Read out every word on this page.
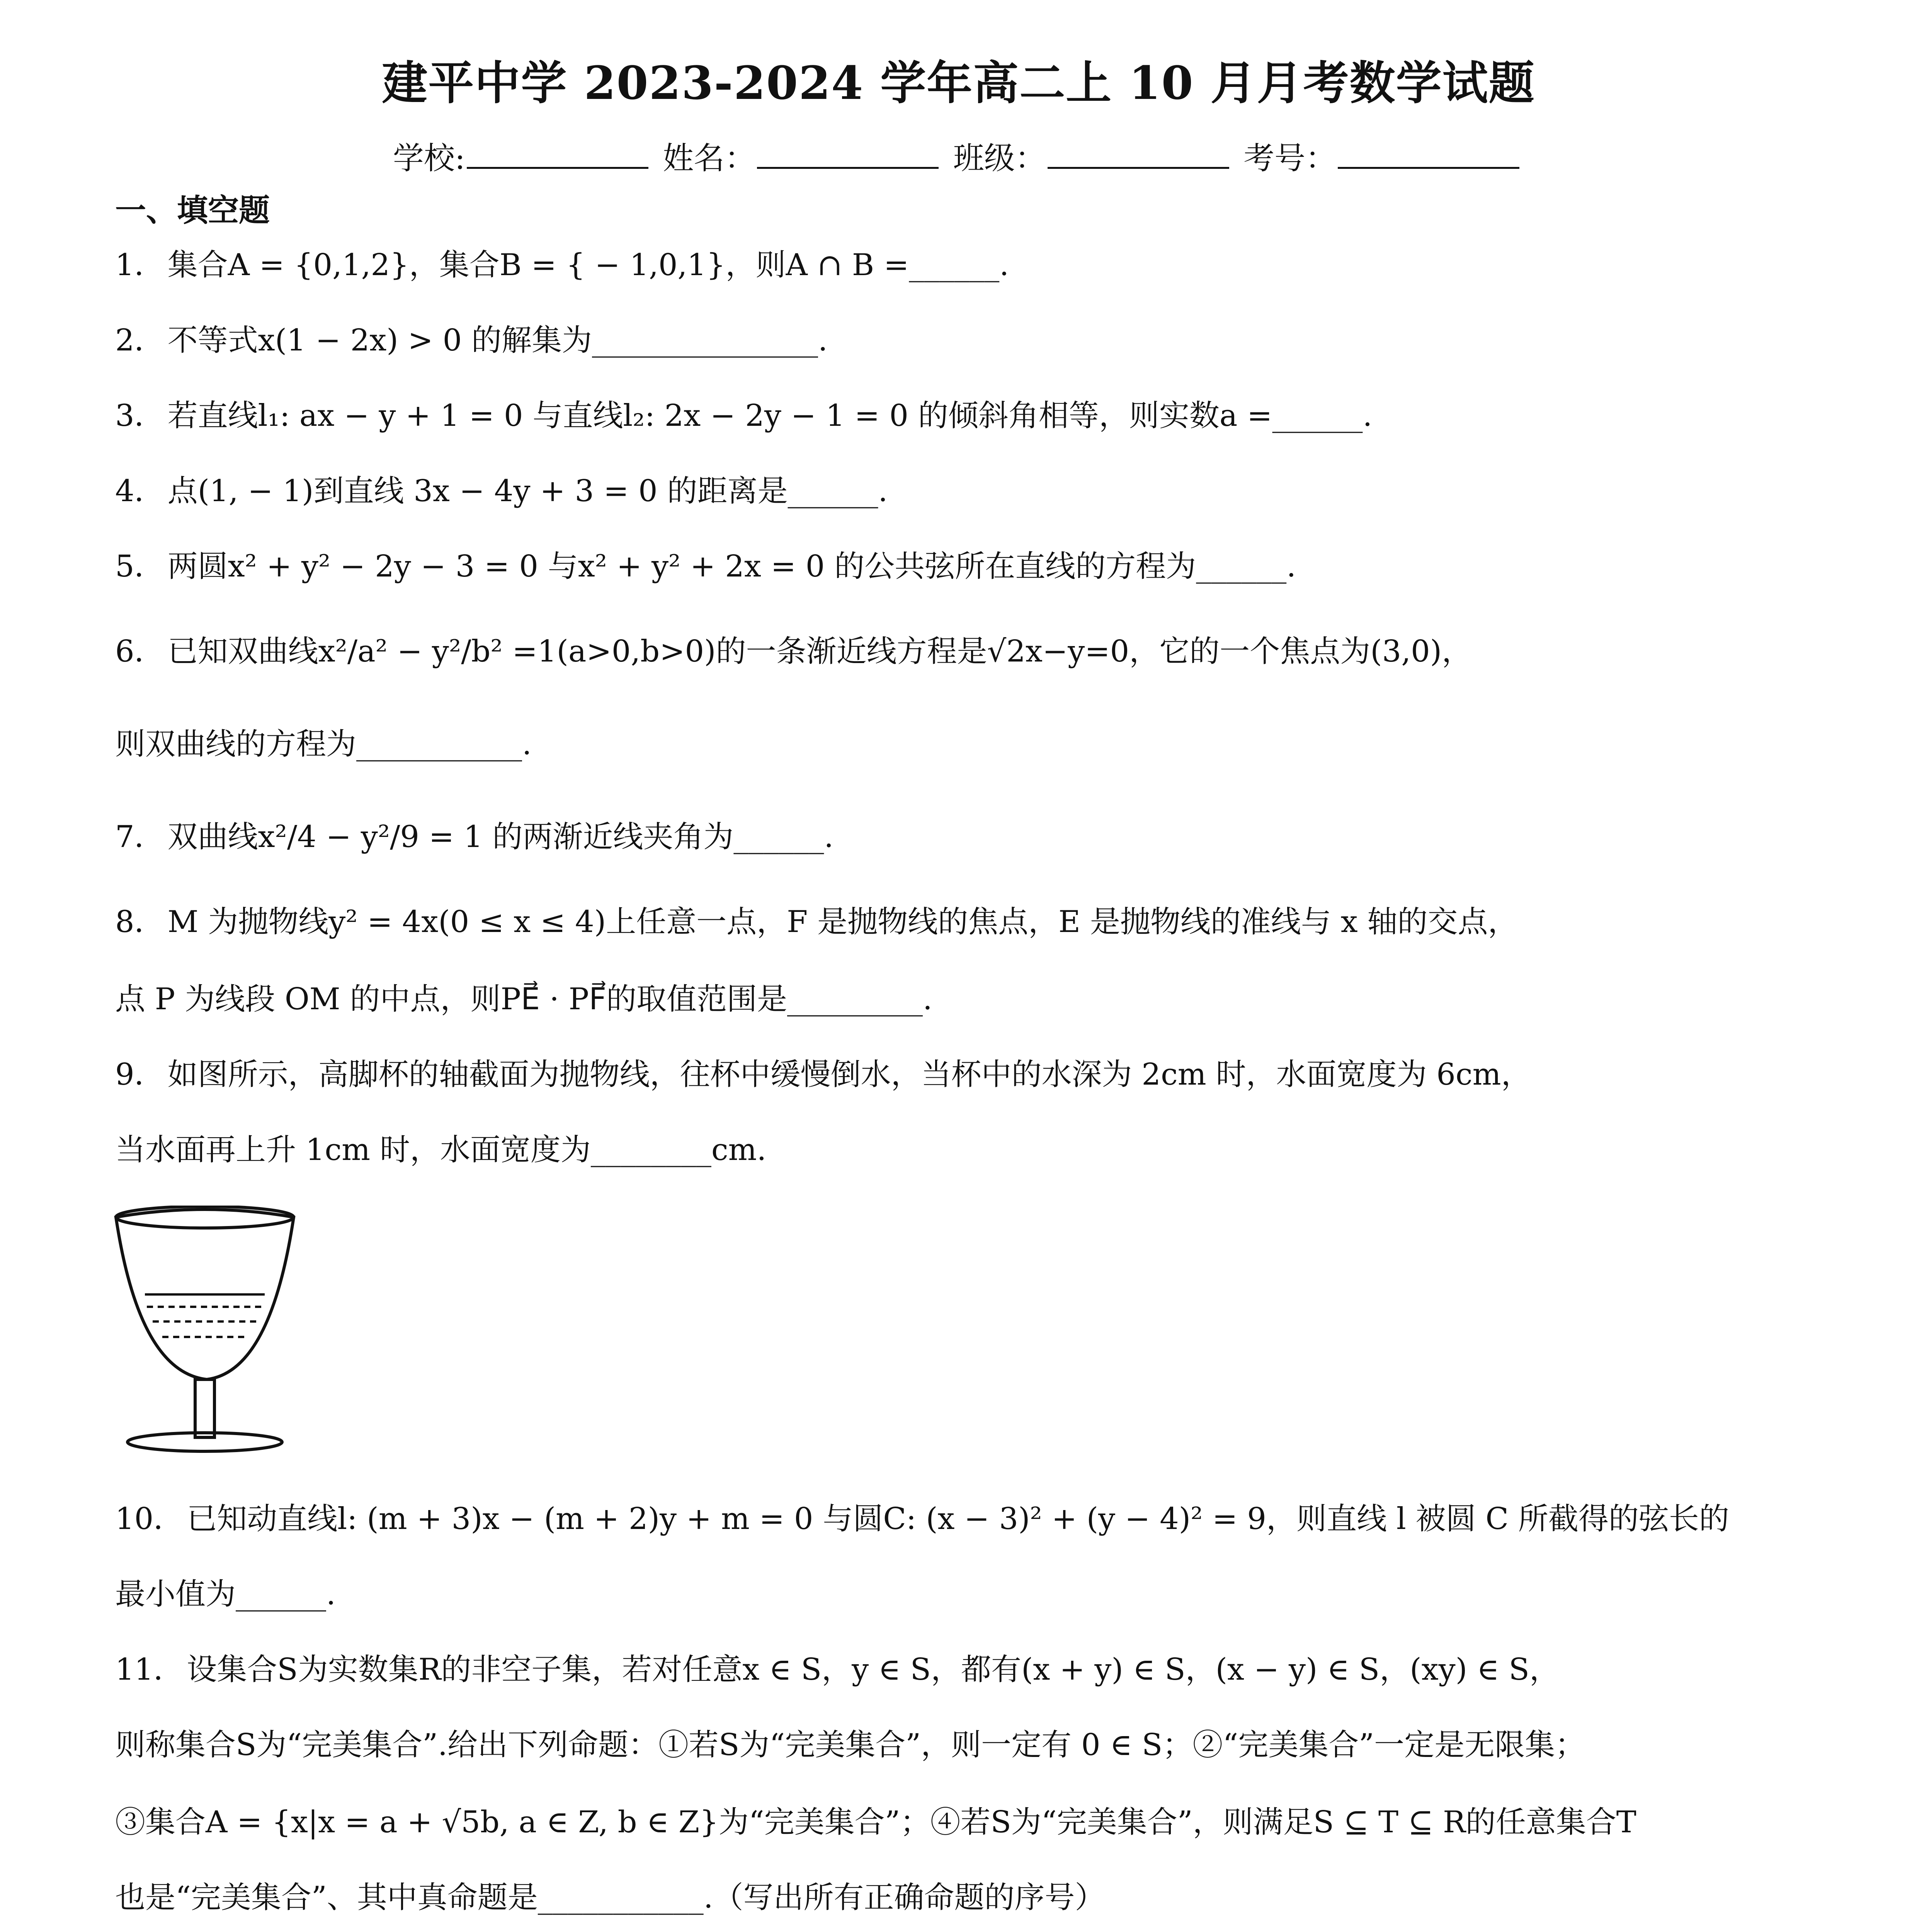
建平中学 2023-2024 学年高二上 10 月月考数学试题
学校:	姓名：	班级：	考号：
一、填空题
1． 集合A = {0,1,2}，集合B = { − 1,0,1}，则A ∩ B =______.
2． 不等式x(1 − 2x) > 0 的解集为_______________.
3． 若直线l₁: ax − y + 1 = 0 与直线l₂: 2x − 2y − 1 = 0 的倾斜角相等，则实数a =______.
4． 点(1, − 1)到直线 3x − 4y + 3 = 0 的距离是______.
5． 两圆x² + y² − 2y − 3 = 0 与x² + y² + 2x = 0 的公共弦所在直线的方程为______.
6． 已知双曲线x²/a² − y²/b² =1(a>0,b>0)的一条渐近线方程是√2x−y=0，它的一个焦点为(3,0)，
则双曲线的方程为___________.
7． 双曲线x²/4 − y²/9 = 1 的两渐近线夹角为______.
8． M 为抛物线y² = 4x(0 ≤ x ≤ 4)上任意一点，F 是抛物线的焦点，E 是抛物线的准线与 x 轴的交点，
点 P 为线段 OM 的中点，则PE⃗ · PF⃗的取值范围是_________.
9． 如图所示，高脚杯的轴截面为抛物线，往杯中缓慢倒水，当杯中的水深为 2cm 时，水面宽度为 6cm，
当水面再上升 1cm 时，水面宽度为________cm.
10． 已知动直线l: (m + 3)x − (m + 2)y + m = 0 与圆C: (x − 3)² + (y − 4)² = 9，则直线 l 被圆 C 所截得的弦长的
最小值为______.
11． 设集合S为实数集R的非空子集，若对任意x ∈ S，y ∈ S，都有(x + y) ∈ S，(x − y) ∈ S，(xy) ∈ S，
则称集合S为“完美集合”.给出下列命题：①若S为“完美集合”，则一定有 0 ∈ S；②“完美集合”一定是无限集；
③集合A = {x|x = a + √5b, a ∈ Z, b ∈ Z}为“完美集合”；④若S为“完美集合”，则满足S ⊆ T ⊆ R的任意集合T
也是“完美集合”、其中真命题是___________.（写出所有正确命题的序号）
